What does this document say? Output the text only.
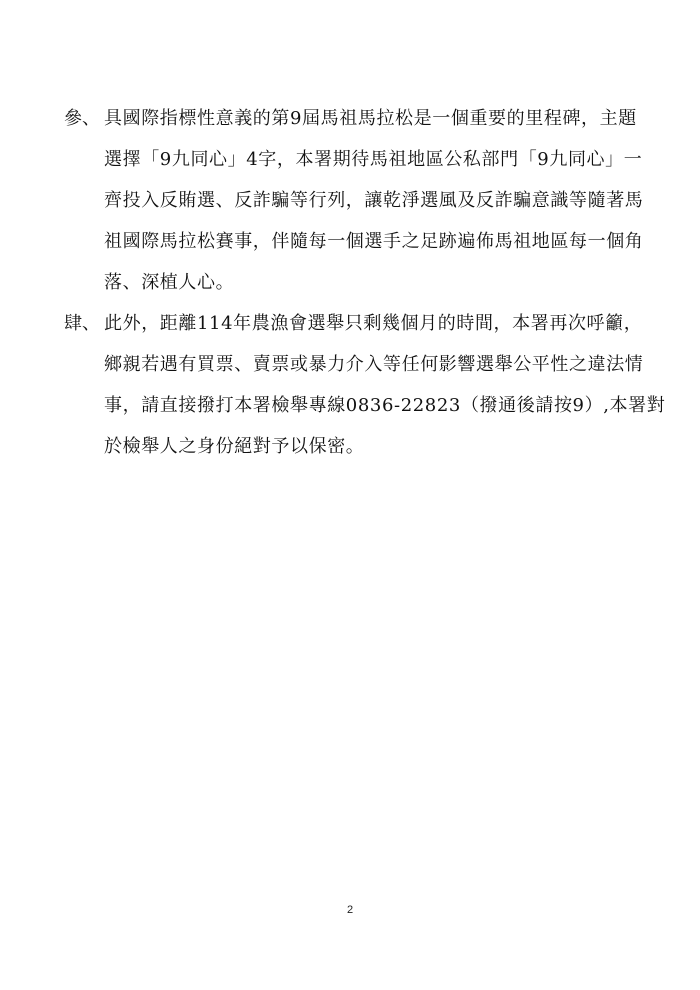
參、 具國際指標性意義的第9屆馬祖馬拉松是一個重要的里程碑，主題
選擇「9九同心」4字，本署期待馬祖地區公私部門「9九同心」一
齊投入反賄選、反詐騙等行列，讓乾淨選風及反詐騙意識等隨著馬
祖國際馬拉松賽事，伴隨每一個選手之足跡遍佈馬祖地區每一個角
落、深植人心。
肆、 此外，距離114年農漁會選舉只剩幾個月的時間，本署再次呼籲，
鄉親若遇有買票、賣票或暴力介入等任何影響選舉公平性之違法情
事，請直接撥打本署檢舉專線0836-22823（撥通後請按9）,本署對
於檢舉人之身份絕對予以保密。
2
